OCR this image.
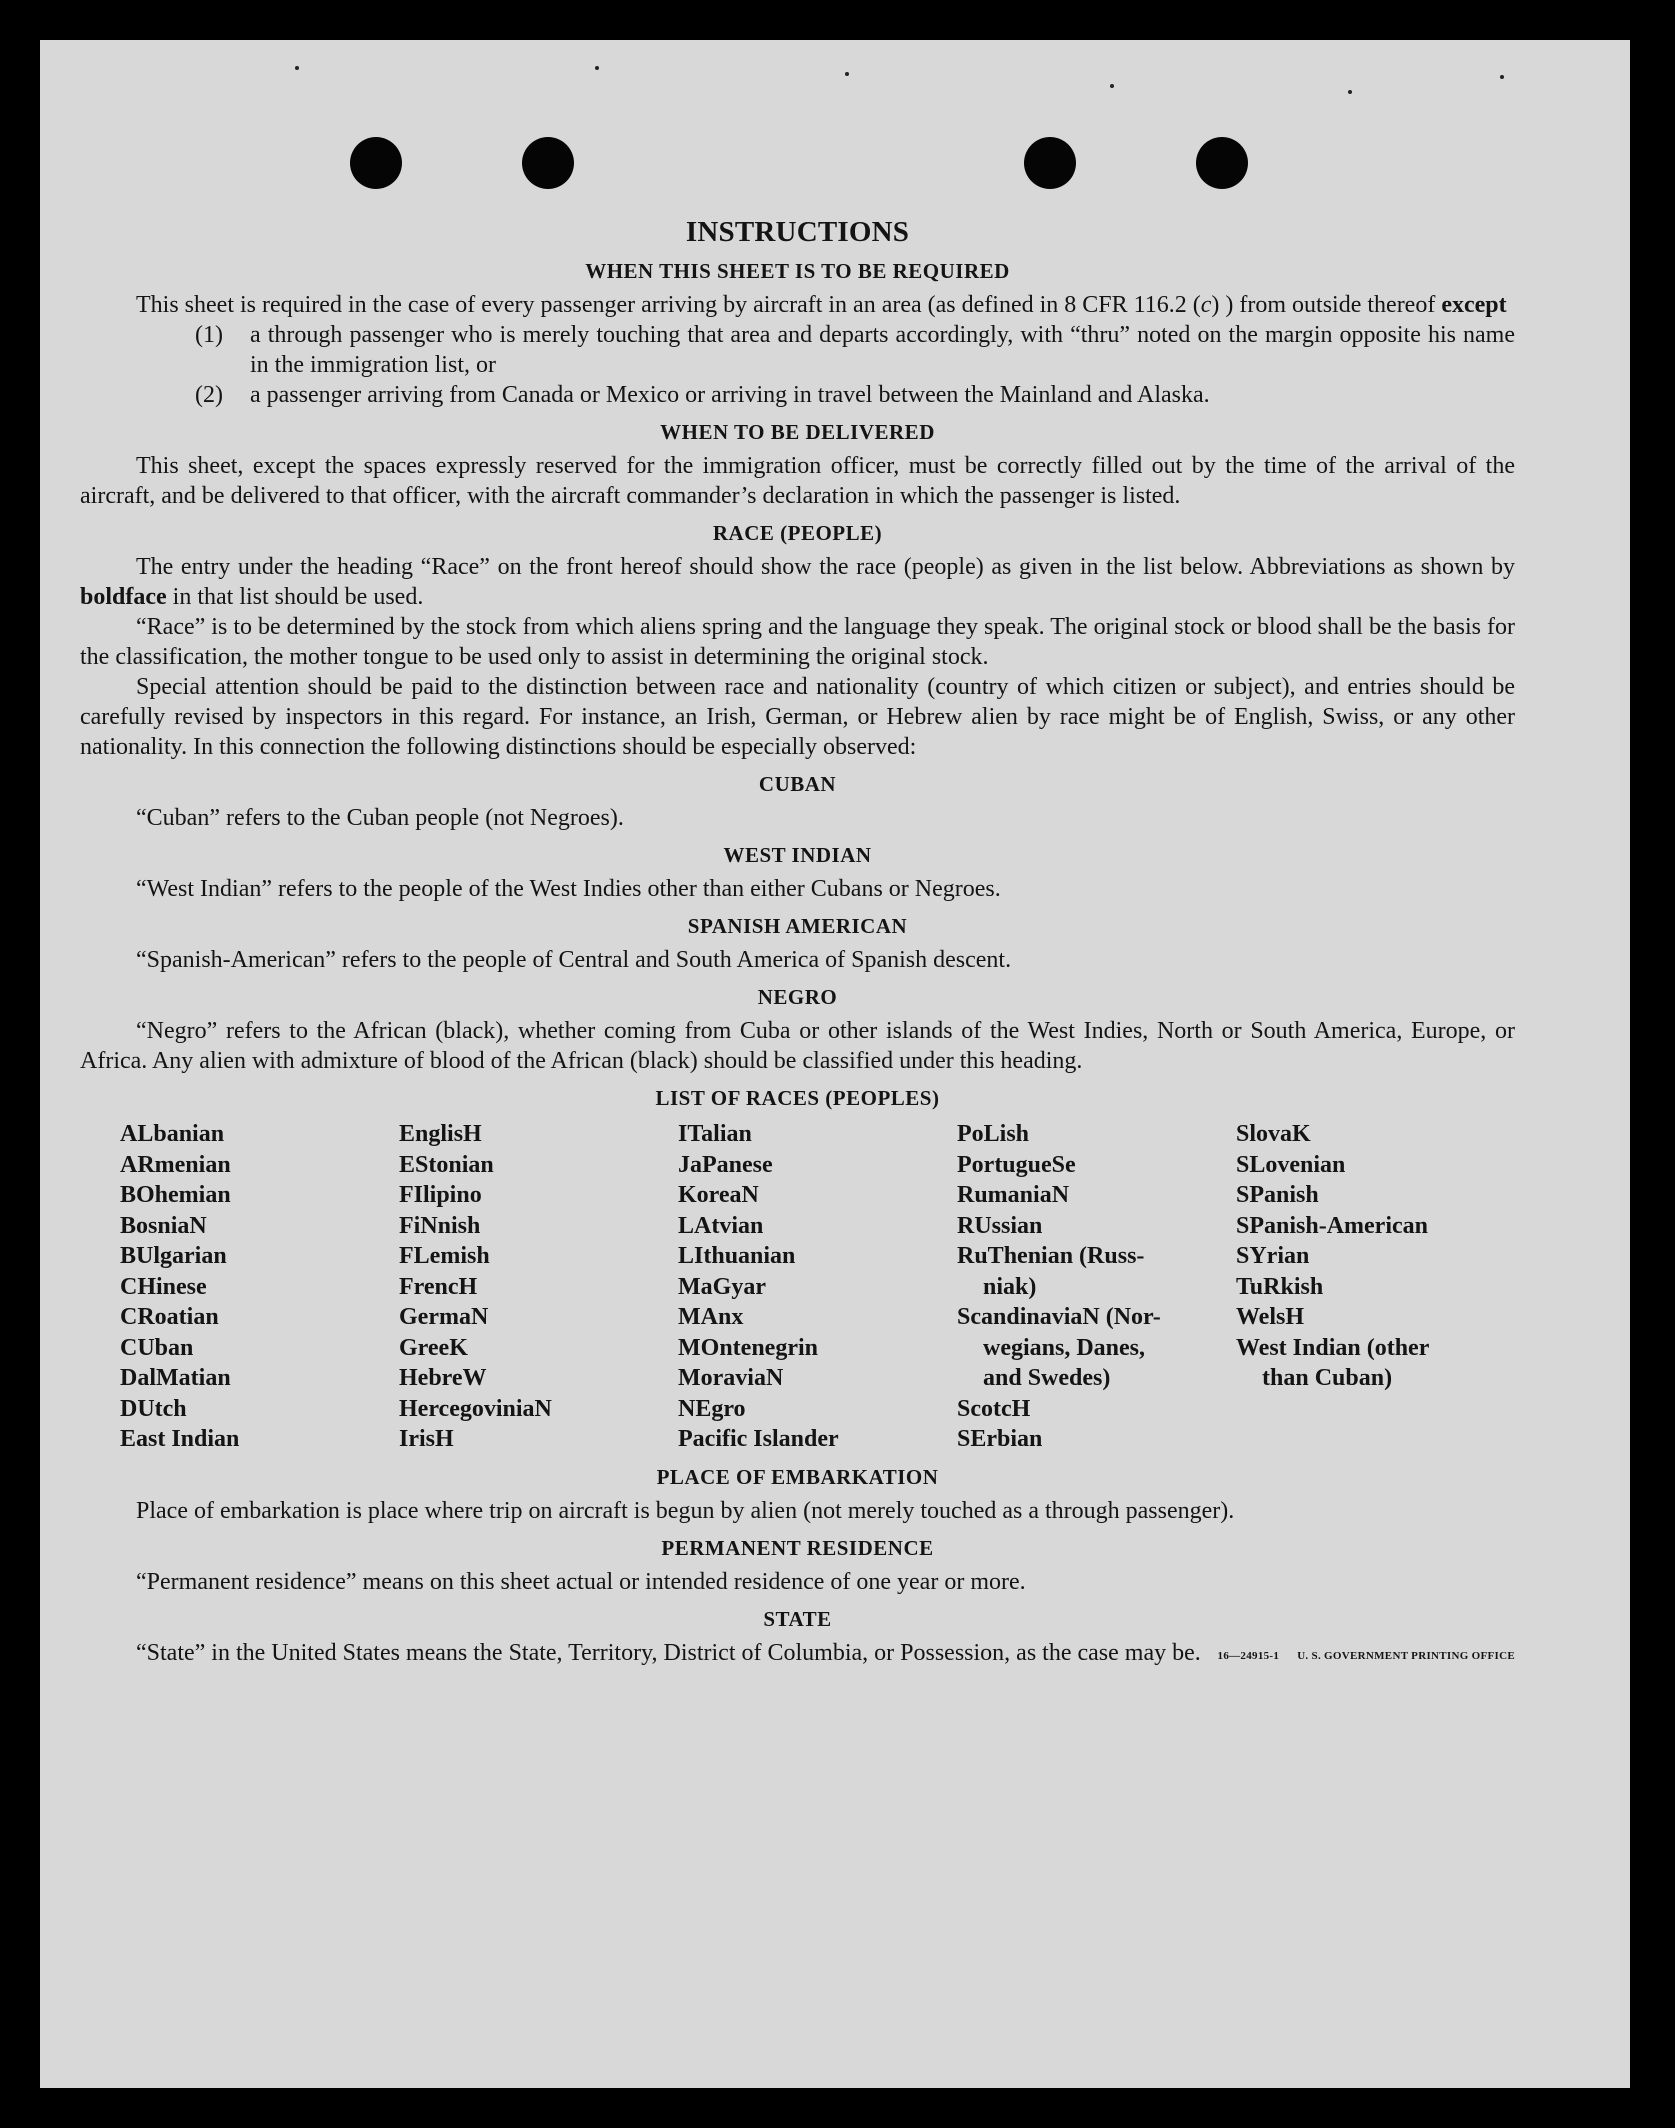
INSTRUCTIONS
WHEN THIS SHEET IS TO BE REQUIRED

This sheet is required in the case of every passenger arriving by aircraft in an area (as defined in 8 CFR 116.2 (c) ) from outside thereof except

(1)	a through passenger who is merely touching that area and departs accordingly, with “thru” noted on the margin opposite his name in the immigration list, or
(2)	a passenger arriving from Canada or Mexico or arriving in travel between the Mainland and Alaska.
WHEN TO BE DELIVERED

This sheet, except the spaces expressly reserved for the immigration officer, must be correctly filled out by the time of the arrival of the aircraft, and be delivered to that officer, with the aircraft commander’s declaration in which the passenger is listed.

RACE (PEOPLE)

The entry under the heading “Race” on the front hereof should show the race (people) as given in the list below. Abbreviations as shown by boldface in that list should be used.

“Race” is to be determined by the stock from which aliens spring and the language they speak. The original stock or blood shall be the basis for the classification, the mother tongue to be used only to assist in determining the original stock.

Special attention should be paid to the distinction between race and nationality (country of which citizen or subject), and entries should be carefully revised by inspectors in this regard. For instance, an Irish, German, or Hebrew alien by race might be of English, Swiss, or any other nationality. In this connection the following distinctions should be especially observed:

CUBAN

“Cuban” refers to the Cuban people (not Negroes).

WEST INDIAN

“West Indian” refers to the people of the West Indies other than either Cubans or Negroes.

SPANISH AMERICAN

“Spanish-American” refers to the people of Central and South America of Spanish descent.

NEGRO

“Negro” refers to the African (black), whether coming from Cuba or other islands of the West Indies, North or South America, Europe, or Africa. Any alien with admixture of blood of the African (black) should be classified under this heading.

LIST OF RACES (PEOPLES)
ALbanian
ARmenian
BOhemian
BosniaN
BUlgarian
CHinese
CRoatian
CUban
DalMatian
DUtch
East Indian
EnglisH
EStonian
FIlipino
FiNnish
FLemish
FrencH
GermaN
GreeK
HebreW
HercegoviniaN
IrisH
ITalian
JaPanese
KoreaN
LAtvian
LIthuanian
MaGyar
MAnx
MOntenegrin
MoraviaN
NEgro
Pacific Islander
PoLish
PortugueSe
RumaniaN
RUssian
RuThenian (Russ-
niak)
ScandinaviaN (Nor-
wegians, Danes,
and Swedes)
ScotcH
SErbian
SlovaK
SLovenian
SPanish
SPanish-American
SYrian
TuRkish
WelsH
West Indian (other
than Cuban)
PLACE OF EMBARKATION

Place of embarkation is place where trip on aircraft is begun by alien (not merely touched as a through passenger).

PERMANENT RESIDENCE

“Permanent residence” means on this sheet actual or intended residence of one year or more.

STATE

“State” in the United States means the State, Territory, District of Columbia, or Possession, as the case may be.	16—24915-1 U. S. GOVERNMENT PRINTING OFFICE
